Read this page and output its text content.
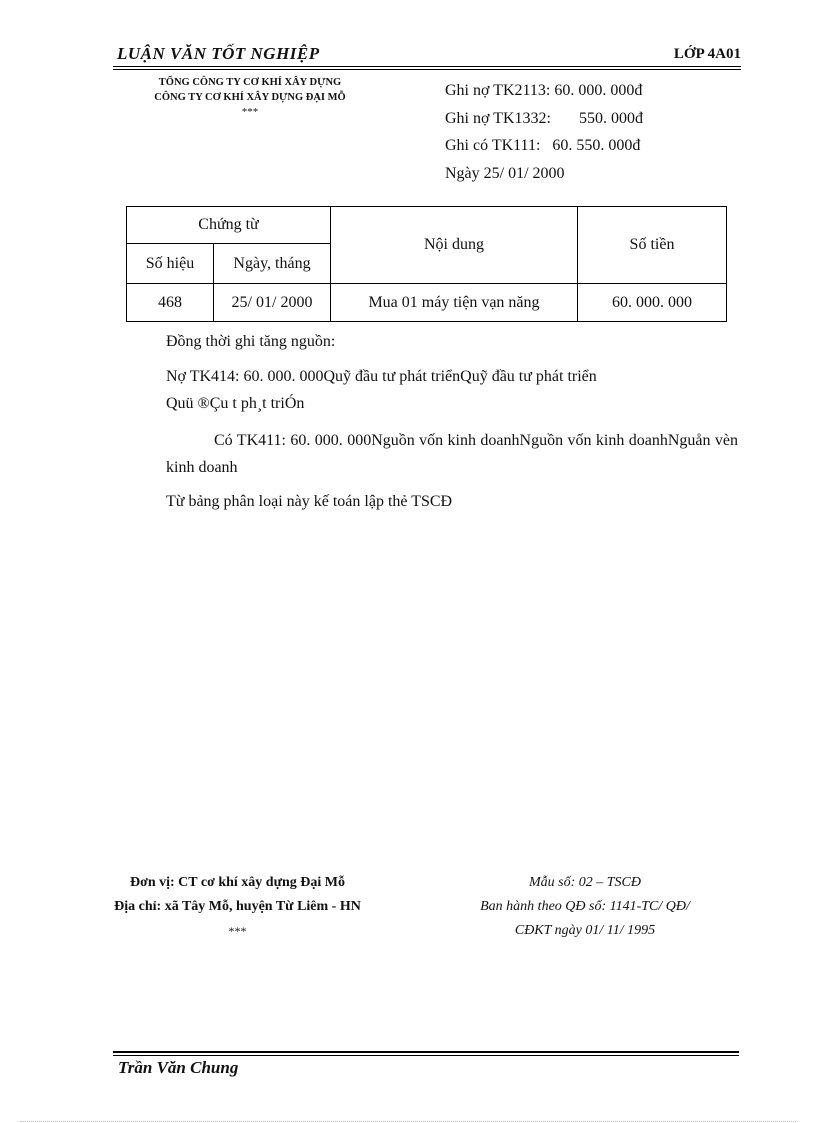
LUẬN VĂN TỐT NGHIỆP	LỚP 4A01
TỔNG CÔNG TY CƠ KHÍ XÂY DỰNG
CÔNG TY CƠ KHÍ XÂY DỰNG ĐẠI MỖ
***
Ghi nợ TK2113: 60. 000. 000đ
Ghi nợ TK1332:       550. 000đ
Ghi có TK111:   60. 550. 000đ
Ngày 25/ 01/ 2000
Chứng từ		Nội dung	Số tiền
Số hiệu	Ngày, tháng		
468	25/ 01/ 2000	Mua 01 máy tiện vạn năng	60. 000. 000
Đồng thời ghi tăng nguồn:
Nợ TK414: 60. 000. 000Quỹ đầu tư phát triểnQuỹ đầu tư phát triển
Quü ®Çu t ph¸t triÓn
Có TK411: 60. 000. 000Nguồn vốn kinh doanhNguồn vốn kinh doanhNguån vèn kinh doanh
Từ bảng phân loại này kế toán lập thẻ TSCĐ
Đơn vị: CT cơ khí xây dựng Đại Mỗ
Địa chỉ: xã Tây Mỗ, huyện Từ Liêm - HN
***
Mẫu số: 02 – TSCĐ
Ban hành theo QĐ số: 1141-TC/ QĐ/
CĐKT ngày 01/ 11/ 1995
Trần Văn Chung
